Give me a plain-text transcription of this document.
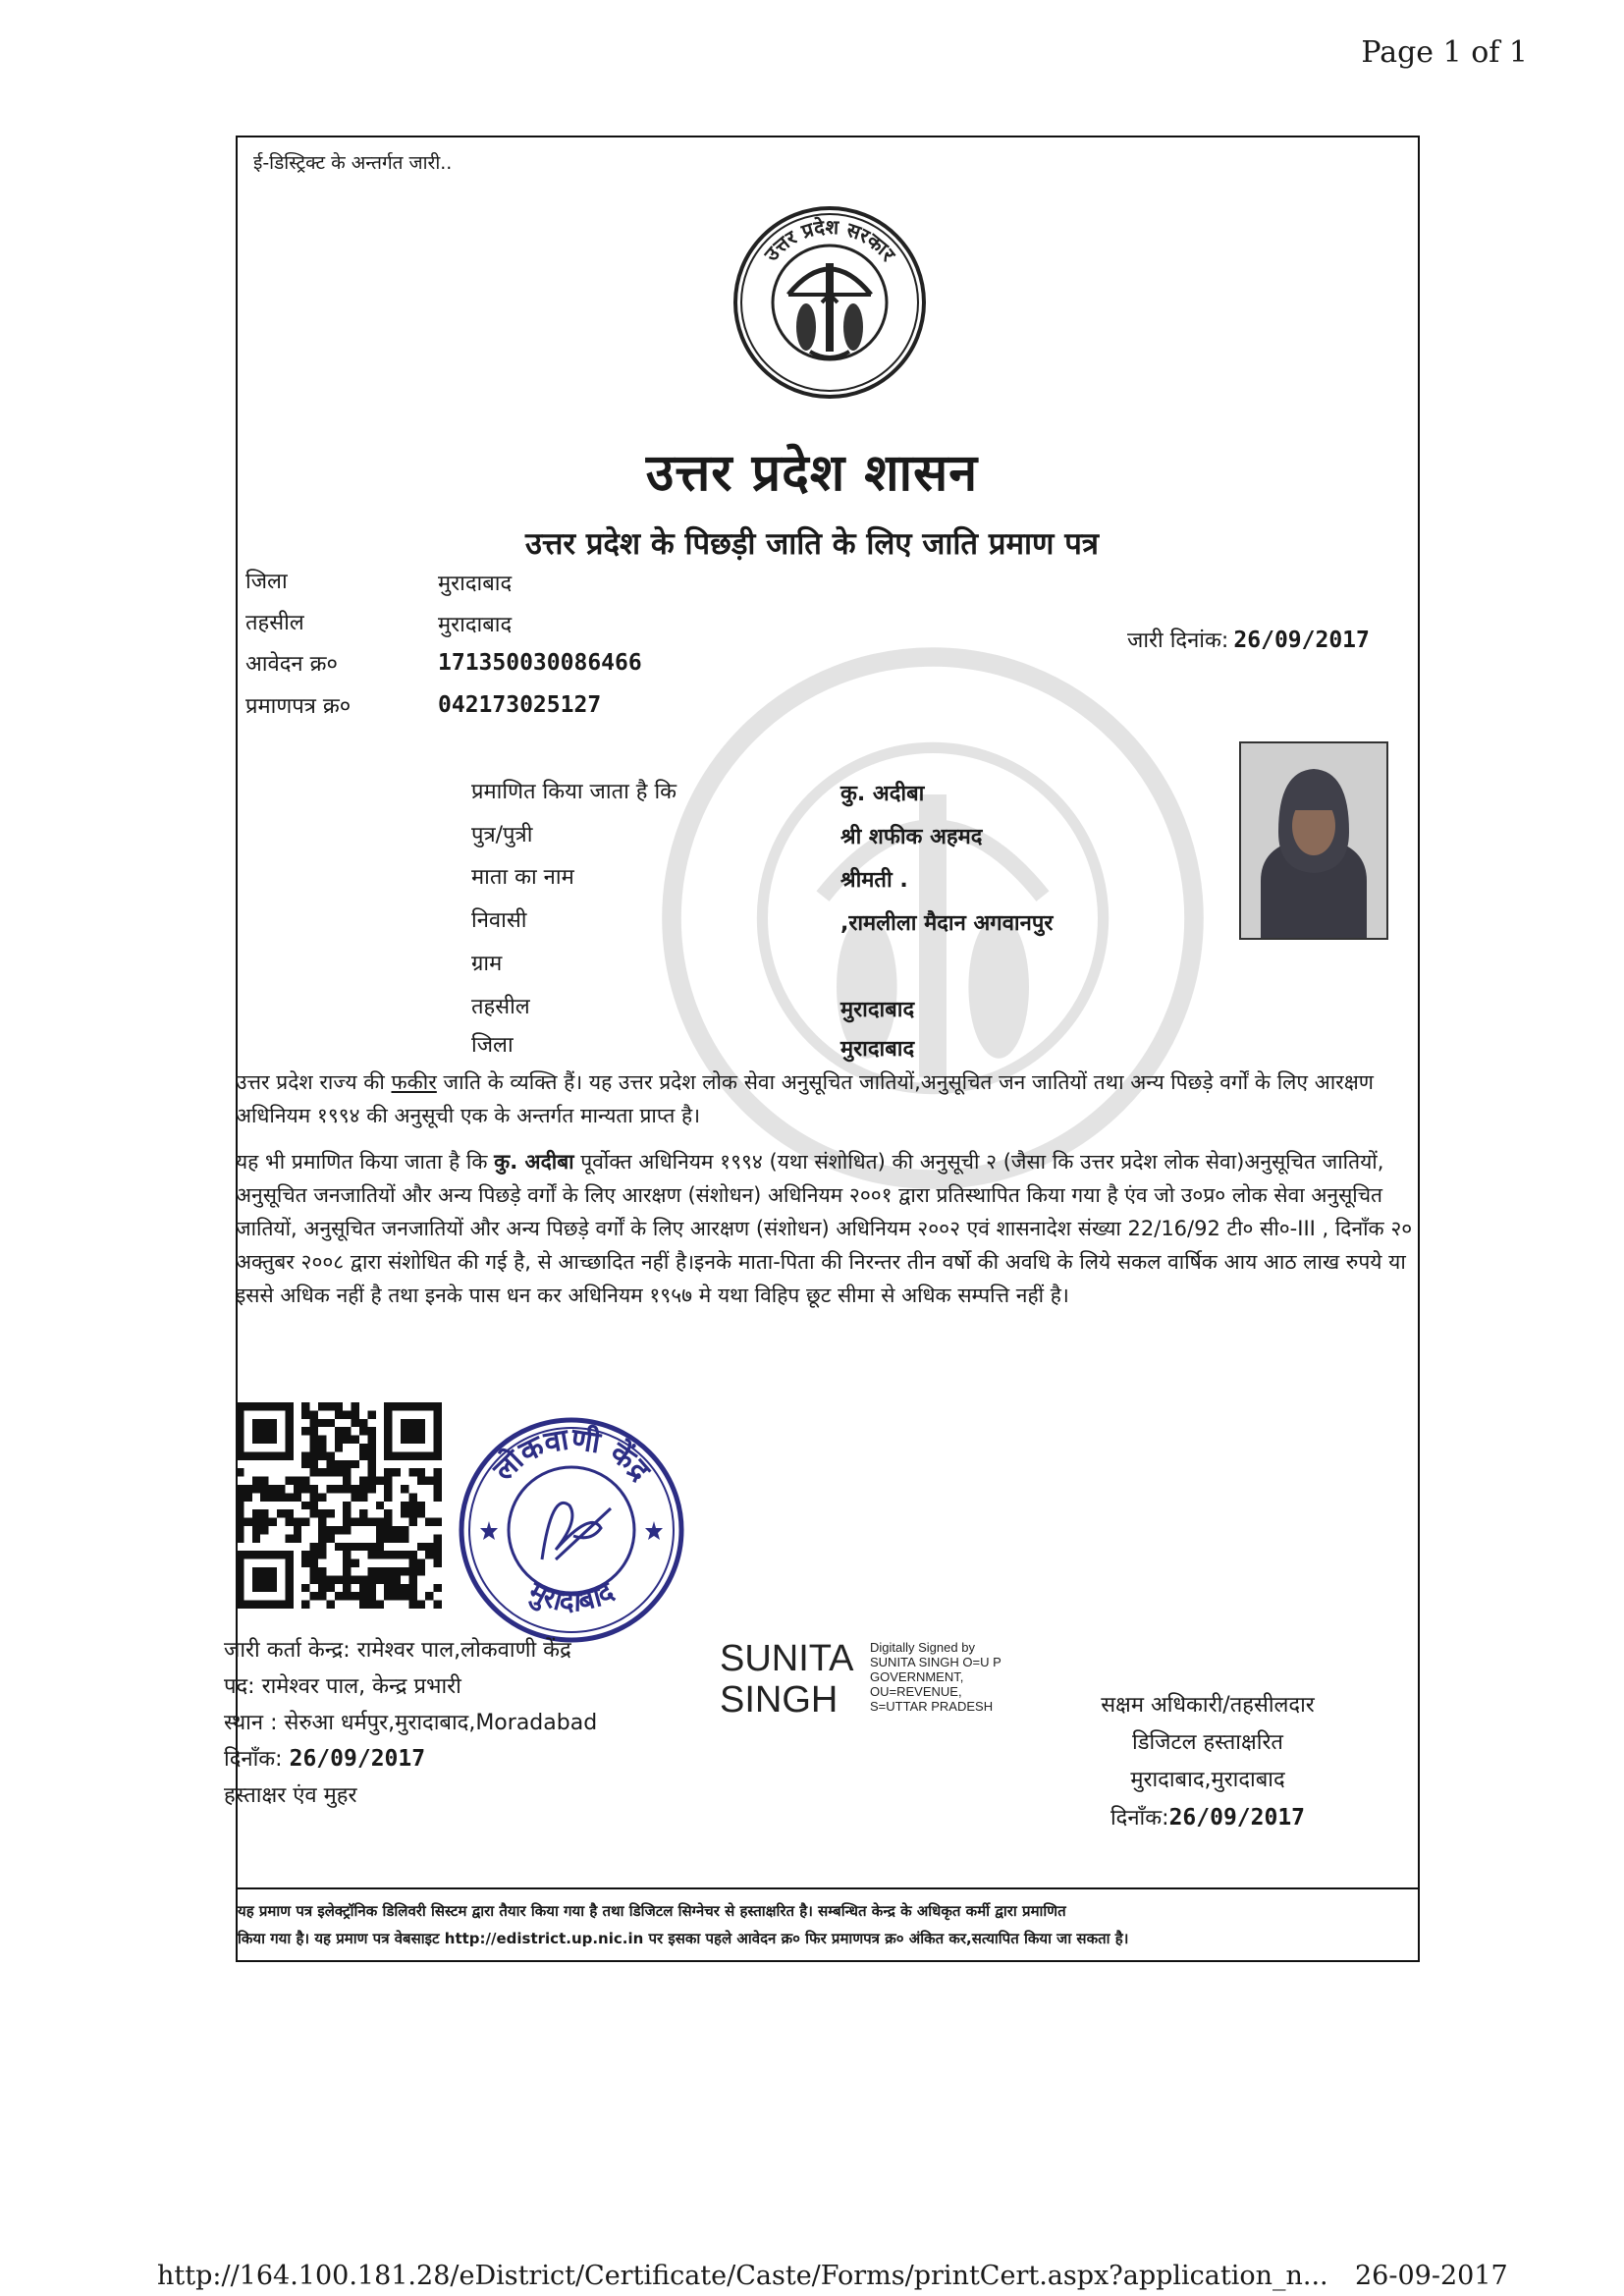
Page 1 of 1
ई-डिस्ट्रिक्ट के अन्तर्गत जारी..
उत्तर प्रदेश सरकार
उत्तर प्रदेश शासन
उत्तर प्रदेश के पिछड़ी जाति के लिए जाति प्रमाण पत्र
जिला	मुरादाबाद
तहसील	मुरादाबाद
आवेदन क्र०	171350030086466
प्रमाणपत्र क्र०	042173025127
जारी दिनांक: 26/09/2017
प्रमाणित किया जाता है कि	कु. अदीबा
पुत्र/पुत्री	श्री शफीक अहमद
माता का नाम	श्रीमती .
निवासी	,रामलीला मैदान अगवानपुर
ग्राम
तहसील	मुरादाबाद
जिला	मुरादाबाद
उत्तर प्रदेश राज्य की फकीर जाति के व्यक्ति हैं। यह उत्तर प्रदेश लोक सेवा अनुसूचित जातियों,अनुसूचित जन जातियों तथा अन्य पिछड़े वर्गों के लिए आरक्षण अधिनियम १९९४ की अनुसूची एक के अन्तर्गत मान्यता प्राप्त है।
यह भी प्रमाणित किया जाता है कि कु. अदीबा पूर्वोक्त अधिनियम १९९४ (यथा संशोधित) की अनुसूची २ (जैसा कि उत्तर प्रदेश लोक सेवा)अनुसूचित जातियों, अनुसूचित जनजातियों और अन्य पिछड़े वर्गों के लिए आरक्षण (संशोधन) अधिनियम २००१ द्वारा प्रतिस्थापित किया गया है एंव जो उ०प्र० लोक सेवा अनुसूचित जातियों, अनुसूचित जनजातियों और अन्य पिछड़े वर्गों के लिए आरक्षण (संशोधन) अधिनियम २००२ एवं शासनादेश संख्या 22/16/92 टी० सी०-III , दिनाँक २० अक्तुबर २००८ द्वारा संशोधित की गई है, से आच्छादित नहीं है।इनके माता-पिता की निरन्तर तीन वर्षो की अवधि के लिये सकल वार्षिक आय आठ लाख रुपये या इससे अधिक नहीं है तथा इनके पास धन कर अधिनियम १९५७ मे यथा विहिप छूट सीमा से अधिक सम्पत्ति नहीं है।
लोकवाणी केंद्र
मुरादाबाद
जारी कर्ता केन्द्र: रामेश्वर पाल,लोकवाणी केंद्र
पद: रामेश्वर पाल, केन्द्र प्रभारी
स्थान : सेरुआ धर्मपुर,मुरादाबाद,Moradabad
दिनाँक: 26/09/2017
हस्ताक्षर एंव मुहर
SUNITA
SINGH
Digitally Signed by
SUNITA SINGH O=U P
GOVERNMENT,
OU=REVENUE,
S=UTTAR PRADESH	सक्षम अधिकारी/तहसीलदार
डिजिटल हस्ताक्षरित
मुरादाबाद,मुरादाबाद
दिनाँक:26/09/2017
यह प्रमाण पत्र इलेक्ट्रॉनिक डिलिवरी सिस्टम द्वारा तैयार किया गया है तथा डिजिटल सिग्नेचर से हस्ताक्षरित है। सम्बन्धित केन्द्र के अधिकृत कर्मी द्वारा प्रमाणित
किया गया है। यह प्रमाण पत्र वेबसाइट http://edistrict.up.nic.in पर इसका पहले आवेदन क्र० फिर प्रमाणपत्र क्र० अंकित कर,सत्यापित किया जा सकता है।
http://164.100.181.28/eDistrict/Certificate/Caste/Forms/printCert.aspx?application_n... 26-09-2017
